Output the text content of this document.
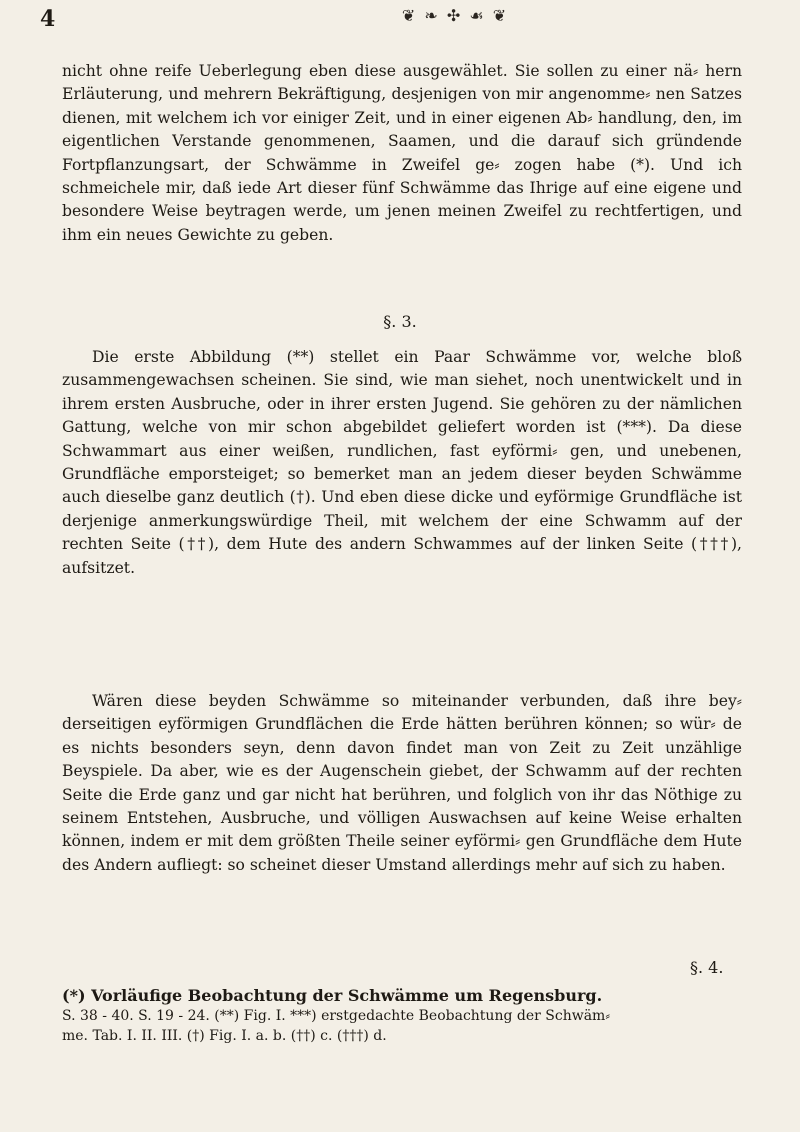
4	❦ ❧ ✣ ☙ ❦

nicht ohne reife Ueberlegung eben diese ausgewählet. Sie sollen zu einer nä⸗ hern Erläuterung, und mehrern Bekräftigung, desjenigen von mir angenomme⸗ nen Satzes dienen, mit welchem ich vor einiger Zeit, und in einer eigenen Ab⸗ handlung, den, im eigentlichen Verstande genommenen, Saamen, und die darauf sich gründende Fortpflanzungsart, der Schwämme in Zweifel ge⸗ zogen habe (*). Und ich schmeichele mir, daß iede Art dieser fünf Schwämme das Ihrige auf eine eigene und besondere Weise beytragen werde, um jenen meinen Zweifel zu rechtfertigen, und ihm ein neues Gewichte zu geben.

§. 3.

Die erste Abbildung (**) stellet ein Paar Schwämme vor, welche bloß zusammengewachsen scheinen. Sie sind, wie man siehet, noch unentwickelt und in ihrem ersten Ausbruche, oder in ihrer ersten Jugend. Sie gehören zu der nämlichen Gattung, welche von mir schon abgebildet geliefert worden ist (***). Da diese Schwammart aus einer weißen, rundlichen, fast eyförmi⸗ gen, und unebenen, Grundfläche emporsteiget; so bemerket man an jedem dieser beyden Schwämme auch dieselbe ganz deutlich (†). Und eben diese dicke und eyförmige Grundfläche ist derjenige anmerkungswürdige Theil, mit welchem der eine Schwamm auf der rechten Seite (††), dem Hute des andern Schwammes auf der linken Seite (†††), aufsitzet.

Wären diese beyden Schwämme so miteinander verbunden, daß ihre bey⸗ derseitigen eyförmigen Grundflächen die Erde hätten berühren können; so wür⸗ de es nichts besonders seyn, denn davon findet man von Zeit zu Zeit unzählige Beyspiele. Da aber, wie es der Augenschein giebet, der Schwamm auf der rechten Seite die Erde ganz und gar nicht hat berühren, und folglich von ihr das Nöthige zu seinem Entstehen, Ausbruche, und völligen Auswachsen auf keine Weise erhalten können, indem er mit dem größten Theile seiner eyförmi⸗ gen Grundfläche dem Hute des Andern aufliegt: so scheinet dieser Umstand allerdings mehr auf sich zu haben.

§. 4.

(*) Vorläufige Beobachtung der Schwämme um Regensburg.

S. 38 - 40. S. 19 - 24. (**) Fig. I. ***) erstgedachte Beobachtung der Schwäm⸗

me. Tab. I. II. III. (†) Fig. I. a. b. (††) c. (†††) d.
